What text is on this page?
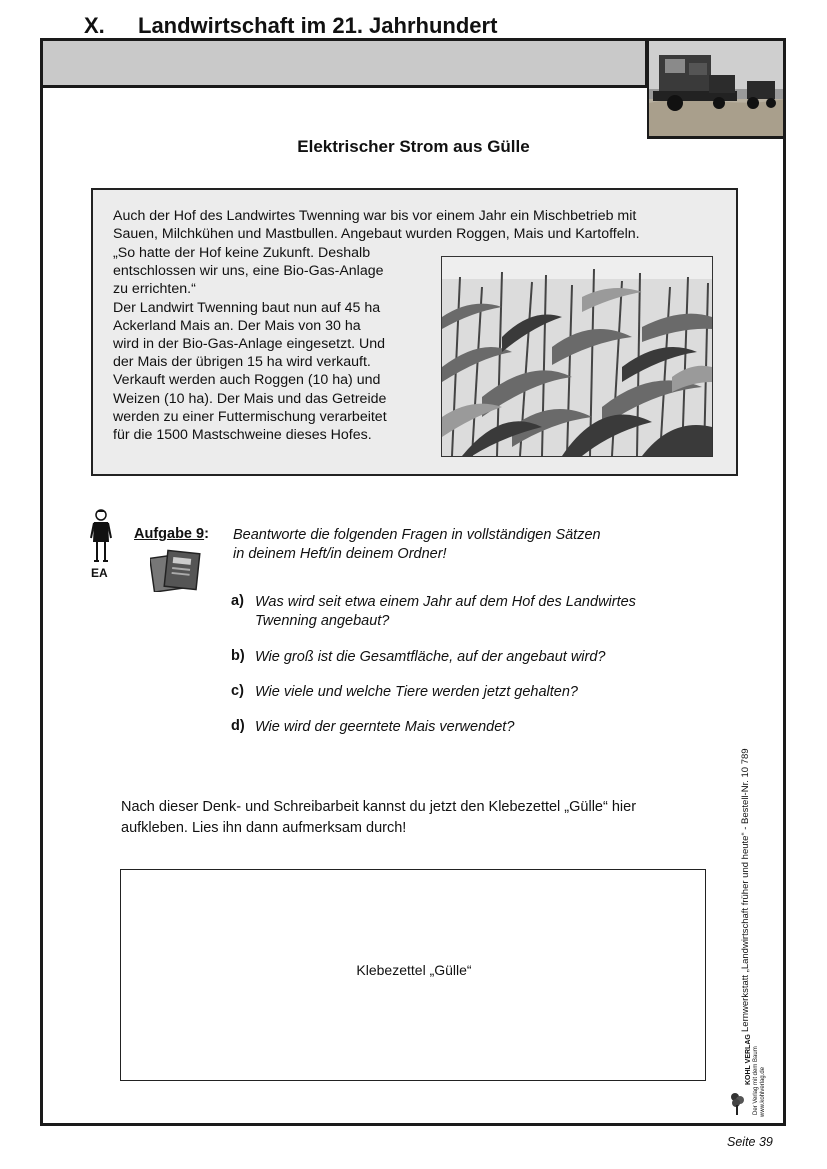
X. Landwirtschaft im 21. Jahrhundert
Elektrischer Strom aus Gülle
Auch der Hof des Landwirtes Twenning war bis vor einem Jahr ein Mischbetrieb mit
Sauen, Milchkühen und Mastbullen. Angebaut wurden Roggen, Mais und Kartoffeln.
„So hatte der Hof keine Zukunft. Deshalb
entschlossen wir uns, eine Bio-Gas-Anlage
zu errichten.“
Der Landwirt Twenning baut nun auf 45 ha
Ackerland Mais an. Der Mais von 30 ha
wird in der Bio-Gas-Anlage eingesetzt. Und
der Mais der übrigen 15 ha wird verkauft.
Verkauft werden auch Roggen (10 ha) und
Weizen (10 ha). Der Mais und das Getreide
werden zu einer Futtermischung verarbeitet
für die 1500 Mastschweine dieses Hofes.
EA
Aufgabe 9: Beantworte die folgenden Fragen in vollständigen Sätzen
in deinem Heft/in deinem Ordner!
a) Was wird seit etwa einem Jahr auf dem Hof des Landwirtes
Twenning angebaut?
b) Wie groß ist die Gesamtfläche, auf der angebaut wird?
c) Wie viele und welche Tiere werden jetzt gehalten?
d) Wie wird der geerntete Mais verwendet?
Nach dieser Denk- und Schreibarbeit kannst du jetzt den Klebezettel „Gülle“ hier
aufkleben. Lies ihn dann aufmerksam durch!
Klebezettel „Gülle“	Lernwerkstatt „Landwirtschaft früher und heute“ - Bestell-Nr. 10 789
KOHL VERLAG Der Verlag mit dem Baum www.kohlverlag.de
Seite 39
